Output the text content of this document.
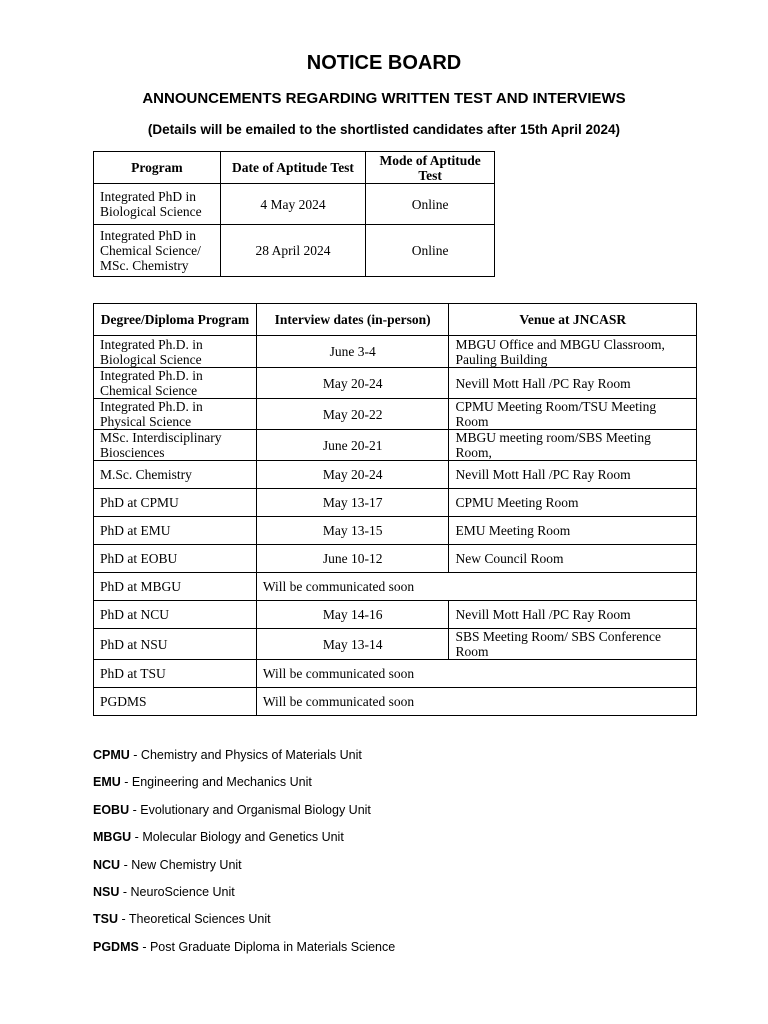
NOTICE BOARD
ANNOUNCEMENTS REGARDING WRITTEN TEST AND INTERVIEWS
(Details will be emailed to the shortlisted candidates after 15th April 2024)
Program	Date of Aptitude Test	Mode of Aptitude Test
Integrated PhD in Biological Science	4 May 2024	Online
Integrated PhD in Chemical Science/ MSc. Chemistry	28 April 2024	Online
Degree/Diploma Program	Interview dates (in-person)	Venue at JNCASR
Integrated Ph.D. in Biological Science	June 3-4	MBGU Office and MBGU Classroom, Pauling Building
Integrated Ph.D. in Chemical Science	May 20-24	Nevill Mott Hall /PC Ray Room
Integrated Ph.D. in Physical Science	May 20-22	CPMU Meeting Room/TSU Meeting Room
MSc. Interdisciplinary Biosciences	June 20-21	MBGU meeting room/SBS Meeting Room,
M.Sc. Chemistry	May 20-24	Nevill Mott Hall /PC Ray Room
PhD at CPMU	May 13-17	CPMU Meeting Room
PhD at EMU	May 13-15	EMU Meeting Room
PhD at EOBU	June 10-12	New Council Room
PhD at MBGU	Will be communicated soon	
PhD at NCU	May 14-16	Nevill Mott Hall /PC Ray Room
PhD at NSU	May 13-14	SBS Meeting Room/ SBS Conference Room
PhD at TSU	Will be communicated soon	
PGDMS	Will be communicated soon	
CPMU - Chemistry and Physics of Materials Unit
EMU - Engineering and Mechanics Unit
EOBU - Evolutionary and Organismal Biology Unit
MBGU - Molecular Biology and Genetics Unit
NCU - New Chemistry Unit
NSU - NeuroScience Unit
TSU - Theoretical Sciences Unit
PGDMS - Post Graduate Diploma in Materials Science
